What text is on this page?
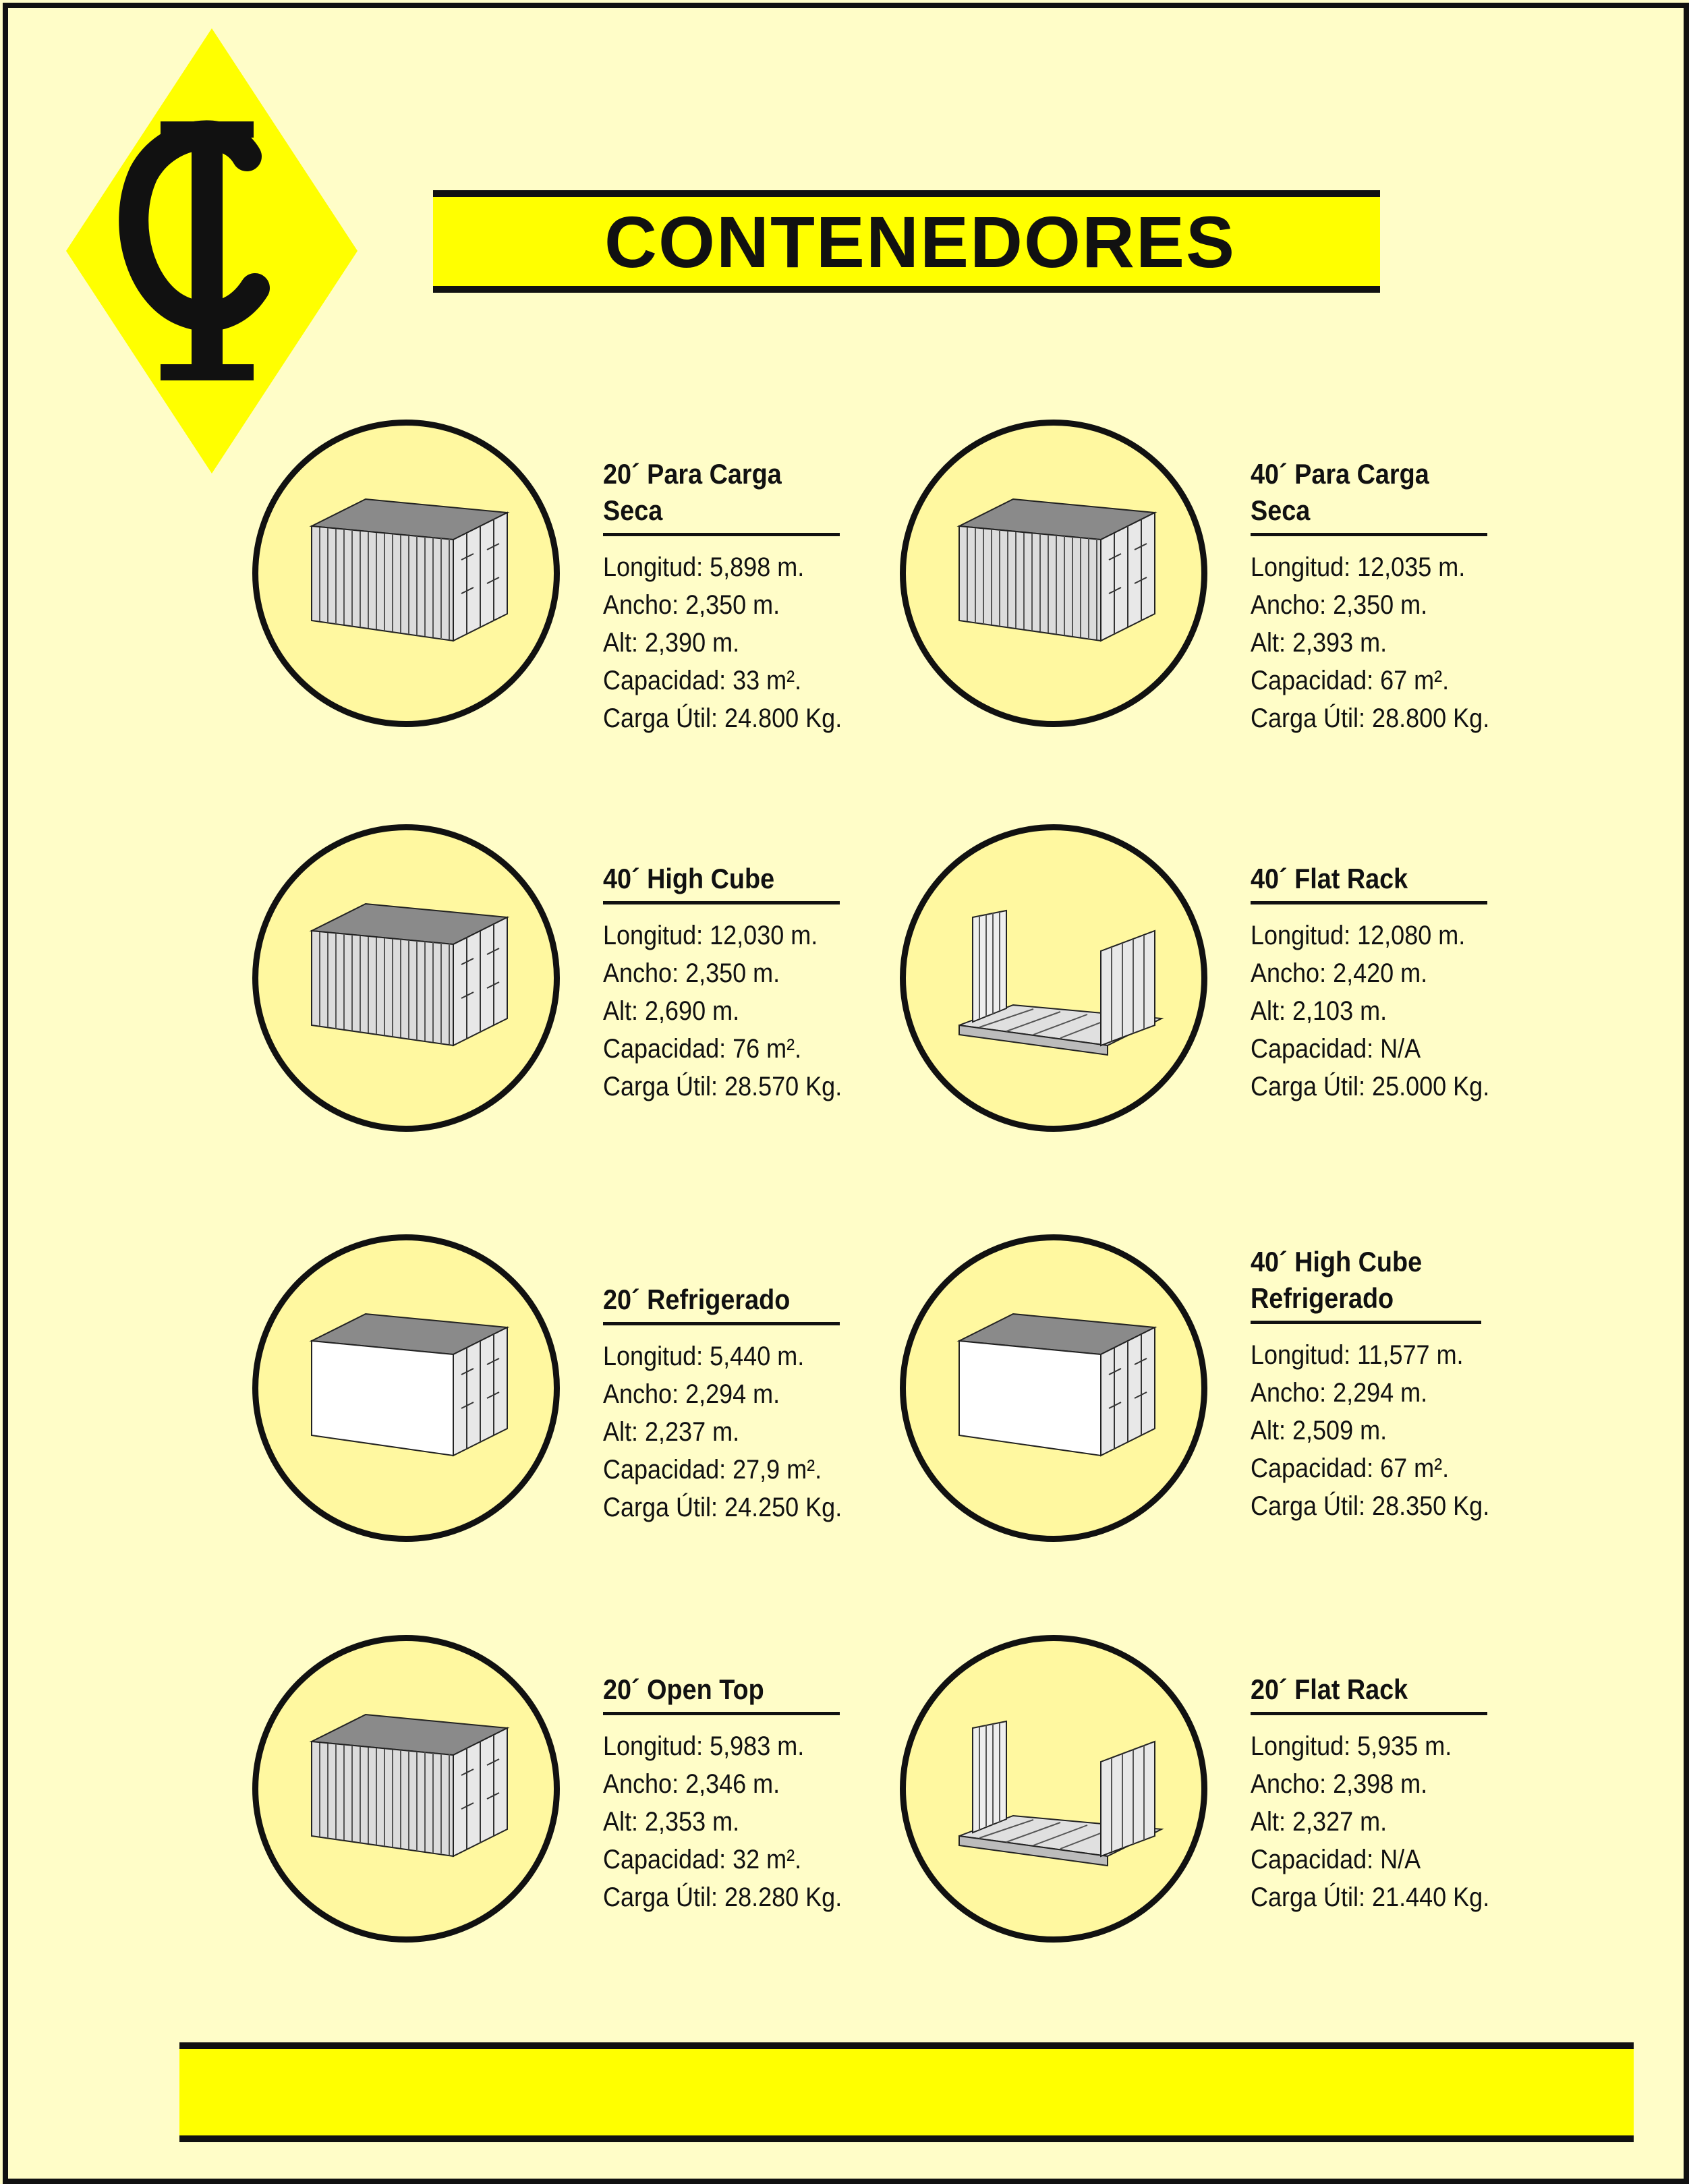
CONTENEDORES
20´ Para Carga Seca
Longitud: 5,898 m.
Ancho: 2,350 m.
Alt: 2,390 m.
Capacidad: 33 m².
Carga Útil: 24.800 Kg.
40´ Para Carga Seca
Longitud: 12,035 m.
Ancho: 2,350 m.
Alt: 2,393 m.
Capacidad: 67 m².
Carga Útil: 28.800 Kg.
40´ High Cube
Longitud: 12,030 m.
Ancho: 2,350 m.
Alt: 2,690 m.
Capacidad: 76 m².
Carga Útil: 28.570 Kg.
40´ Flat Rack
Longitud: 12,080 m.
Ancho: 2,420 m.
Alt: 2,103 m.
Capacidad: N/A
Carga Útil: 25.000 Kg.
20´ Refrigerado
Longitud: 5,440 m.
Ancho: 2,294 m.
Alt: 2,237 m.
Capacidad: 27,9 m².
Carga Útil: 24.250 Kg.
40´ High Cube Refrigerado
Longitud: 11,577 m.
Ancho: 2,294 m.
Alt: 2,509 m.
Capacidad: 67 m².
Carga Útil: 28.350 Kg.
20´ Open Top
Longitud: 5,983 m.
Ancho: 2,346 m.
Alt: 2,353 m.
Capacidad: 32 m².
Carga Útil: 28.280 Kg.
20´ Flat Rack
Longitud: 5,935 m.
Ancho: 2,398 m.
Alt: 2,327 m.
Capacidad: N/A
Carga Útil: 21.440 Kg.
